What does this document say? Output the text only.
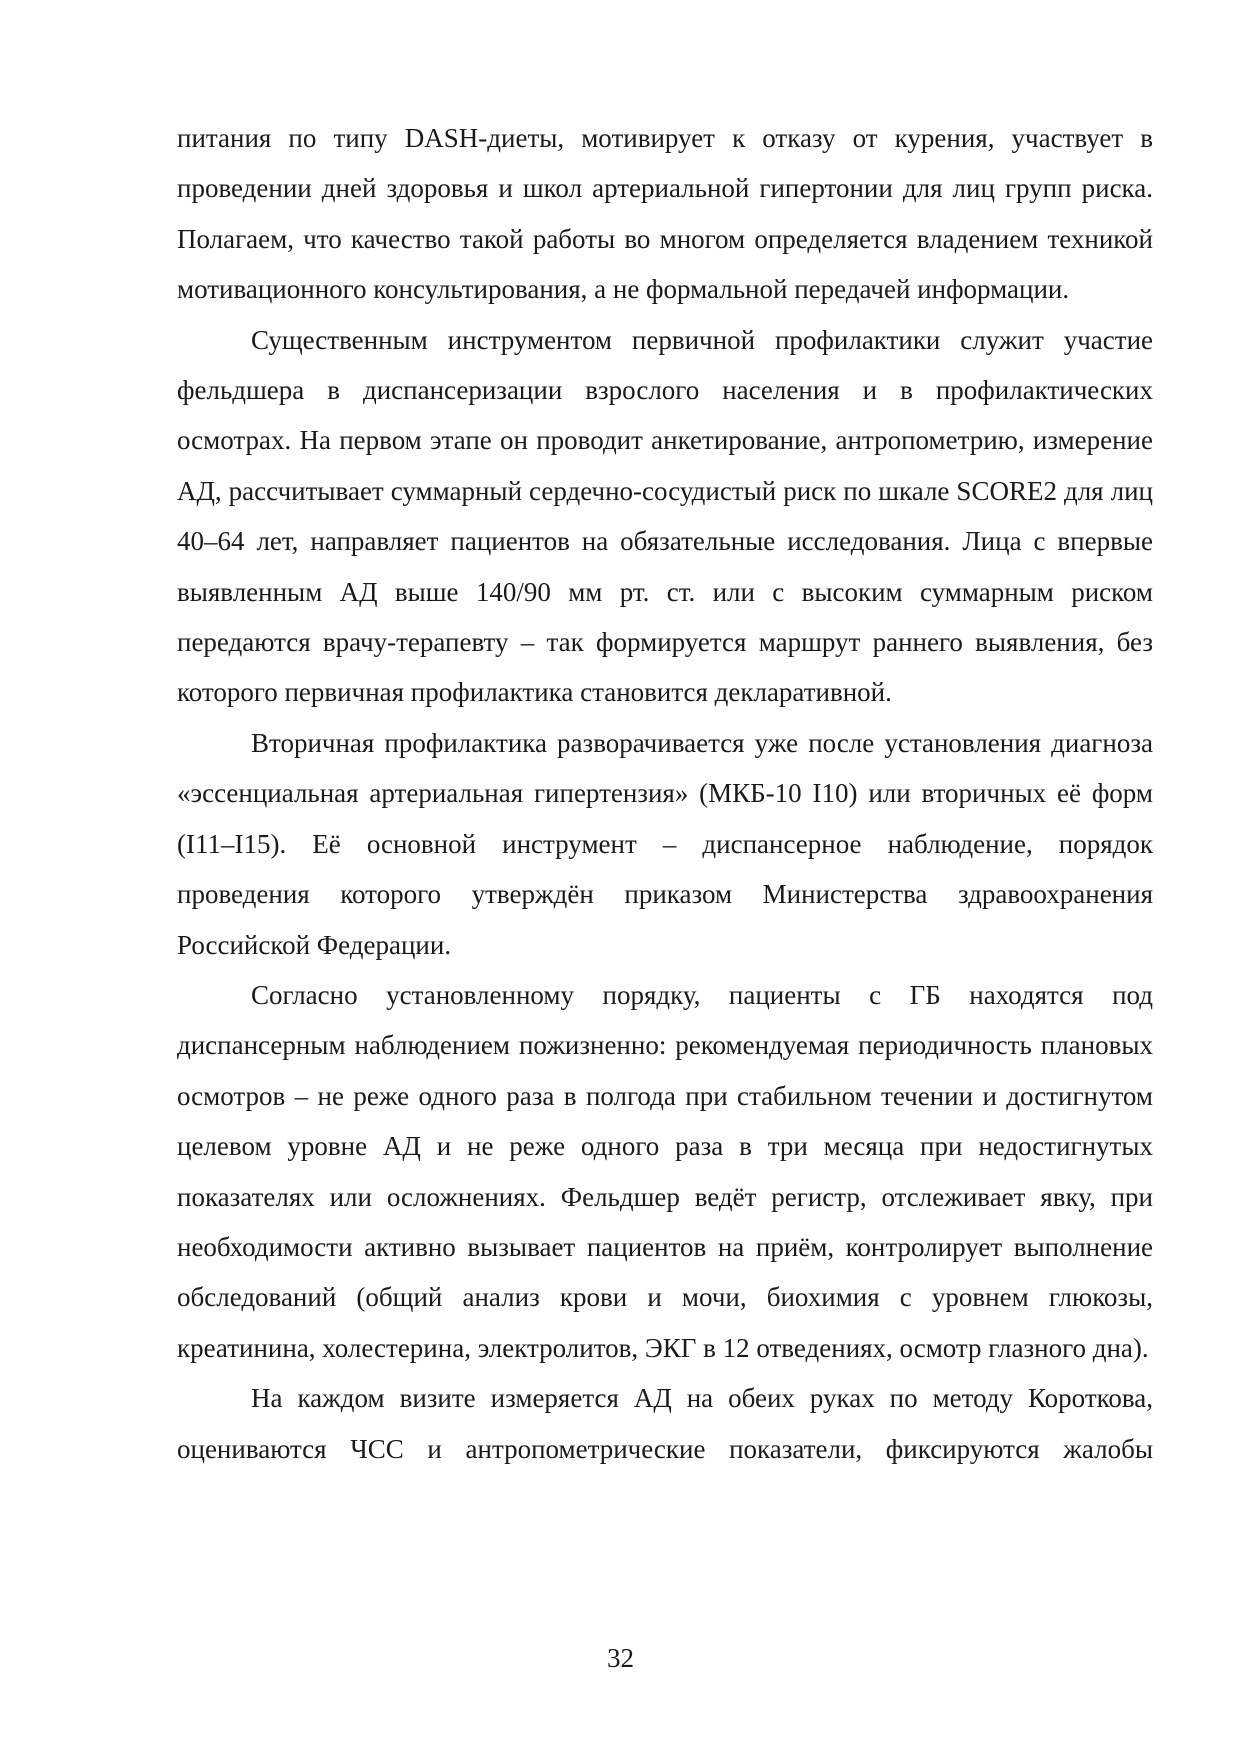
питания по типу DASH-диеты, мотивирует к отказу от курения, участвует в проведении дней здоровья и школ артериальной гипертонии для лиц групп риска. Полагаем, что качество такой работы во многом определяется владением техникой мотивационного консультирования, а не формальной передачей информации.

Существенным инструментом первичной профилактики служит участие фельдшера в диспансеризации взрослого населения и в профилактических осмотрах. На первом этапе он проводит анкетирование, антропометрию, измерение АД, рассчитывает суммарный сердечно-сосудистый риск по шкале SCORE2 для лиц 40–64 лет, направляет пациентов на обязательные исследования. Лица с впервые выявленным АД выше 140/90 мм рт. ст. или с высоким суммарным риском передаются врачу-терапевту – так формируется маршрут раннего выявления, без которого первичная профилактика становится декларативной.

Вторичная профилактика разворачивается уже после установления диагноза «эссенциальная артериальная гипертензия» (МКБ-10 I10) или вторичных её форм (I11–I15). Её основной инструмент – диспансерное наблюдение, порядок проведения которого утверждён приказом Министерства здравоохранения Российской Федерации.

Согласно установленному порядку, пациенты с ГБ находятся под диспансерным наблюдением пожизненно: рекомендуемая периодичность плановых осмотров – не реже одного раза в полгода при стабильном течении и достигнутом целевом уровне АД и не реже одного раза в три месяца при недостигнутых показателях или осложнениях. Фельдшер ведёт регистр, отслеживает явку, при необходимости активно вызывает пациентов на приём, контролирует выполнение обследований (общий анализ крови и мочи, биохимия с уровнем глюкозы, креатинина, холестерина, электролитов, ЭКГ в 12 отведениях, осмотр глазного дна).

На каждом визите измеряется АД на обеих руках по методу Короткова, оцениваются ЧСС и антропометрические показатели, фиксируются жалобы

32
